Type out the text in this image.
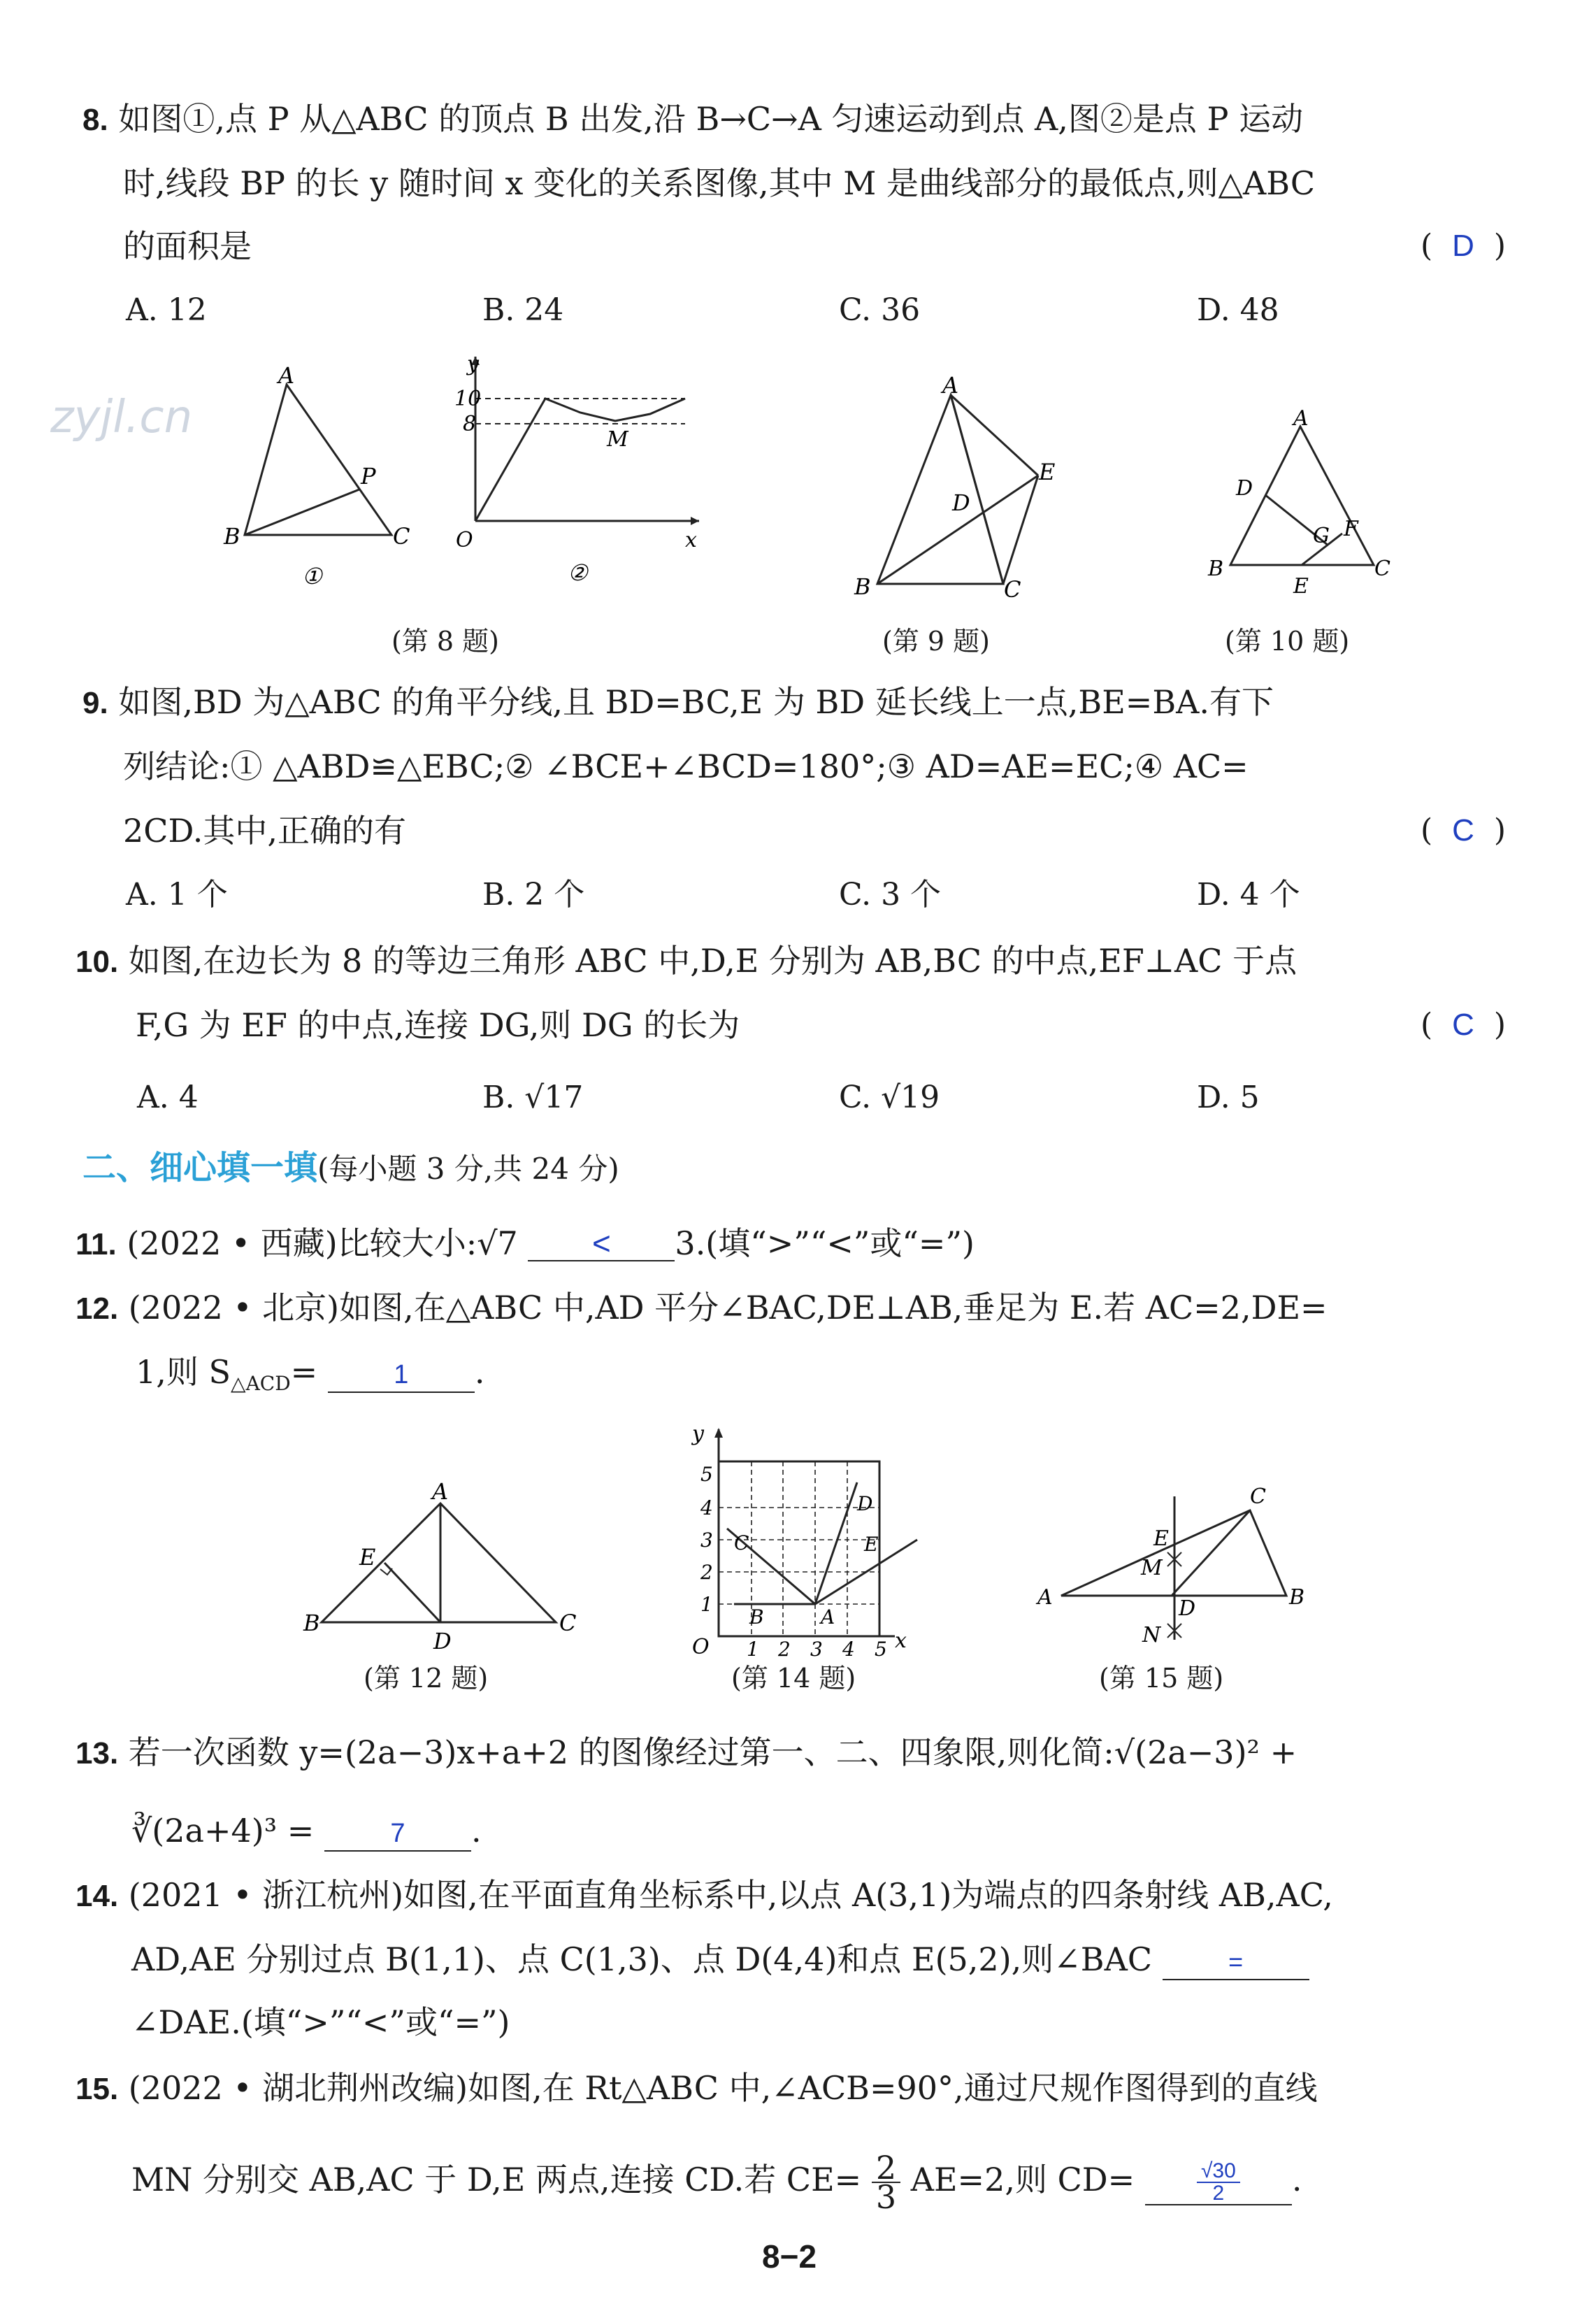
8. 如图①,点 P 从△ABC 的顶点 B 出发,沿 B→C→A 匀速运动到点 A,图②是点 P 运动
时,线段 BP 的长 y 随时间 x 变化的关系图像,其中 M 是曲线部分的最低点,则△ABC
的面积是	(  D  )
A. 12	B. 24	C. 36	D. 48
zyjl.cn
A
B	C
P
①
10
8
y
x
O
M
②
A
B	C
D
E
A
B	C
D
E
G F
(第 8 题)	(第 9 题)	(第 10 题)
9. 如图,BD 为△ABC 的角平分线,且 BD=BC,E 为 BD 延长线上一点,BE=BA.有下
列结论:① △ABD≌△EBC;② ∠BCE+∠BCD=180°;③ AD=AE=EC;④ AC=
2CD.其中,正确的有	(  C  )
A. 1 个	B. 2 个	C. 3 个	D. 4 个
10. 如图,在边长为 8 的等边三角形 ABC 中,D,E 分别为 AB,BC 的中点,EF⊥AC 于点
F,G 为 EF 的中点,连接 DG,则 DG 的长为	(  C  )
A. 4	B. √17	C. √19	D. 5
二、细心填一填(每小题 3 分,共 24 分)
11. (2022 • 西藏)比较大小:√7 < 3.(填“>”“<”或“=”)
12. (2022 • 北京)如图,在△ABC 中,AD 平分∠BAC,DE⊥AB,垂足为 E.若 AC=2,DE=
1,则 $S_{\triangle ACD}=$	1 .
A
B	C
D
E
y
x
O 1 2 3 4 5
1
2
3
4
5
B	A
C
D
E
A	B
C
D
E
M
N
(第 12 题)	(第 14 题)	(第 15 题)
13. 若一次函数 y=(2a−3)x+a+2 的图像经过第一、二、四象限,则化简:√(2a−3)² +
∛(2a+4)³ =	7 .
14. (2021 • 浙江杭州)如图,在平面直角坐标系中,以点 A(3,1)为端点的四条射线 AB,AC,
AD,AE 分别过点 B(1,1)、点 C(1,3)、点 D(4,4)和点 E(5,2),则∠BAC	=
∠DAE.(填“>”“<”或“=”)
15. (2022 • 湖北荆州改编)如图,在 Rt△ABC 中,∠ACB=90°,通过尺规作图得到的直线
MN 分别交 AB,AC 于 D,E 两点,连接 CD.若 $CE= \frac{2}{3} AE=2$,则 CD=	$\frac{√30}{2}$ .
8−2
